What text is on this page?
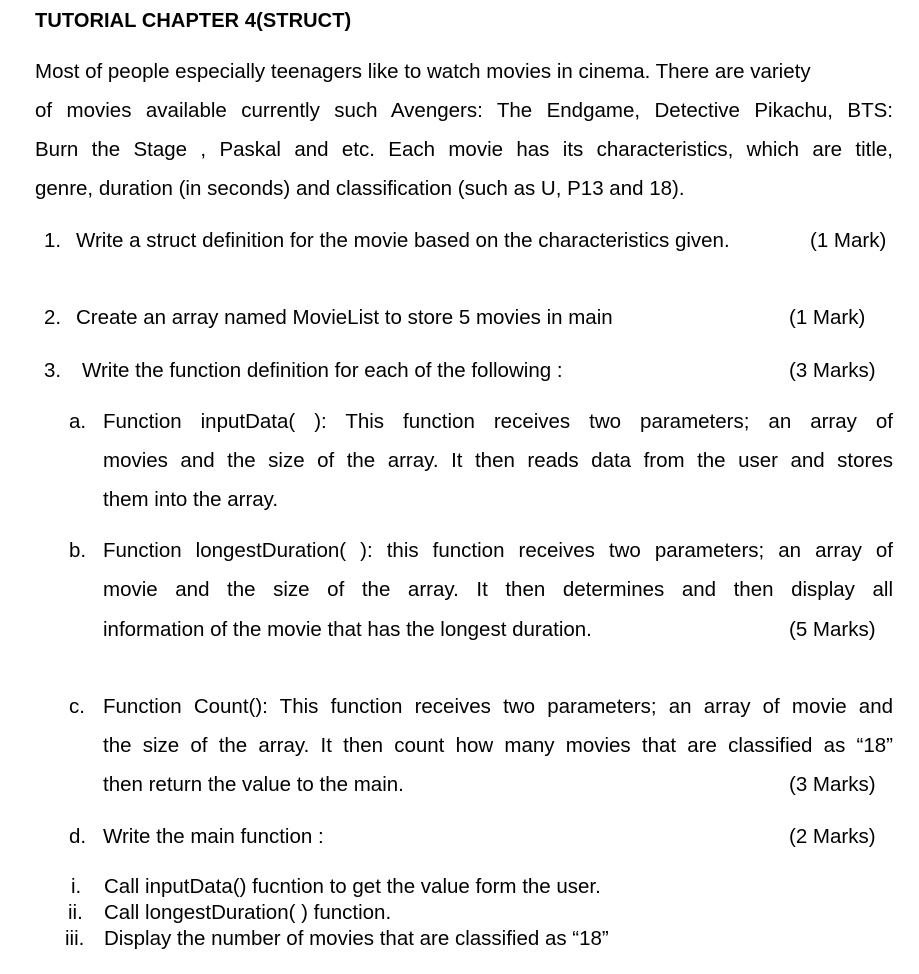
TUTORIAL CHAPTER 4(STRUCT)
Most of people especially teenagers like to watch movies in cinema. There are variety
of movies available currently such Avengers: The Endgame, Detective Pikachu, BTS:
Burn the Stage , Paskal and etc. Each movie has its characteristics, which are title,
genre, duration (in seconds) and classification (such as U, P13 and 18).
1. Write a struct definition for the movie based on the characteristics given.	(1 Mark)
2. Create an array named MovieList to store 5 movies in main	(1 Mark)
3. Write the function definition for each of the following :	(3 Marks)
a. Function inputData( ): This function receives two parameters; an array of
movies and the size of the array. It then reads data from the user and stores
them into the array.
b. Function longestDuration( ): this function receives two parameters; an array of
movie and the size of the array. It then determines and then display all
information of the movie that has the longest duration.	(5 Marks)
c. Function Count(): This function receives two parameters; an array of movie and
the size of the array. It then count how many movies that are classified as “18”
then return the value to the main.	(3 Marks)
d. Write the main function :	(2 Marks)
i. Call inputData() fucntion to get the value form the user.
ii. Call longestDuration( ) function.
iii. Display the number of movies that are classified as “18”
